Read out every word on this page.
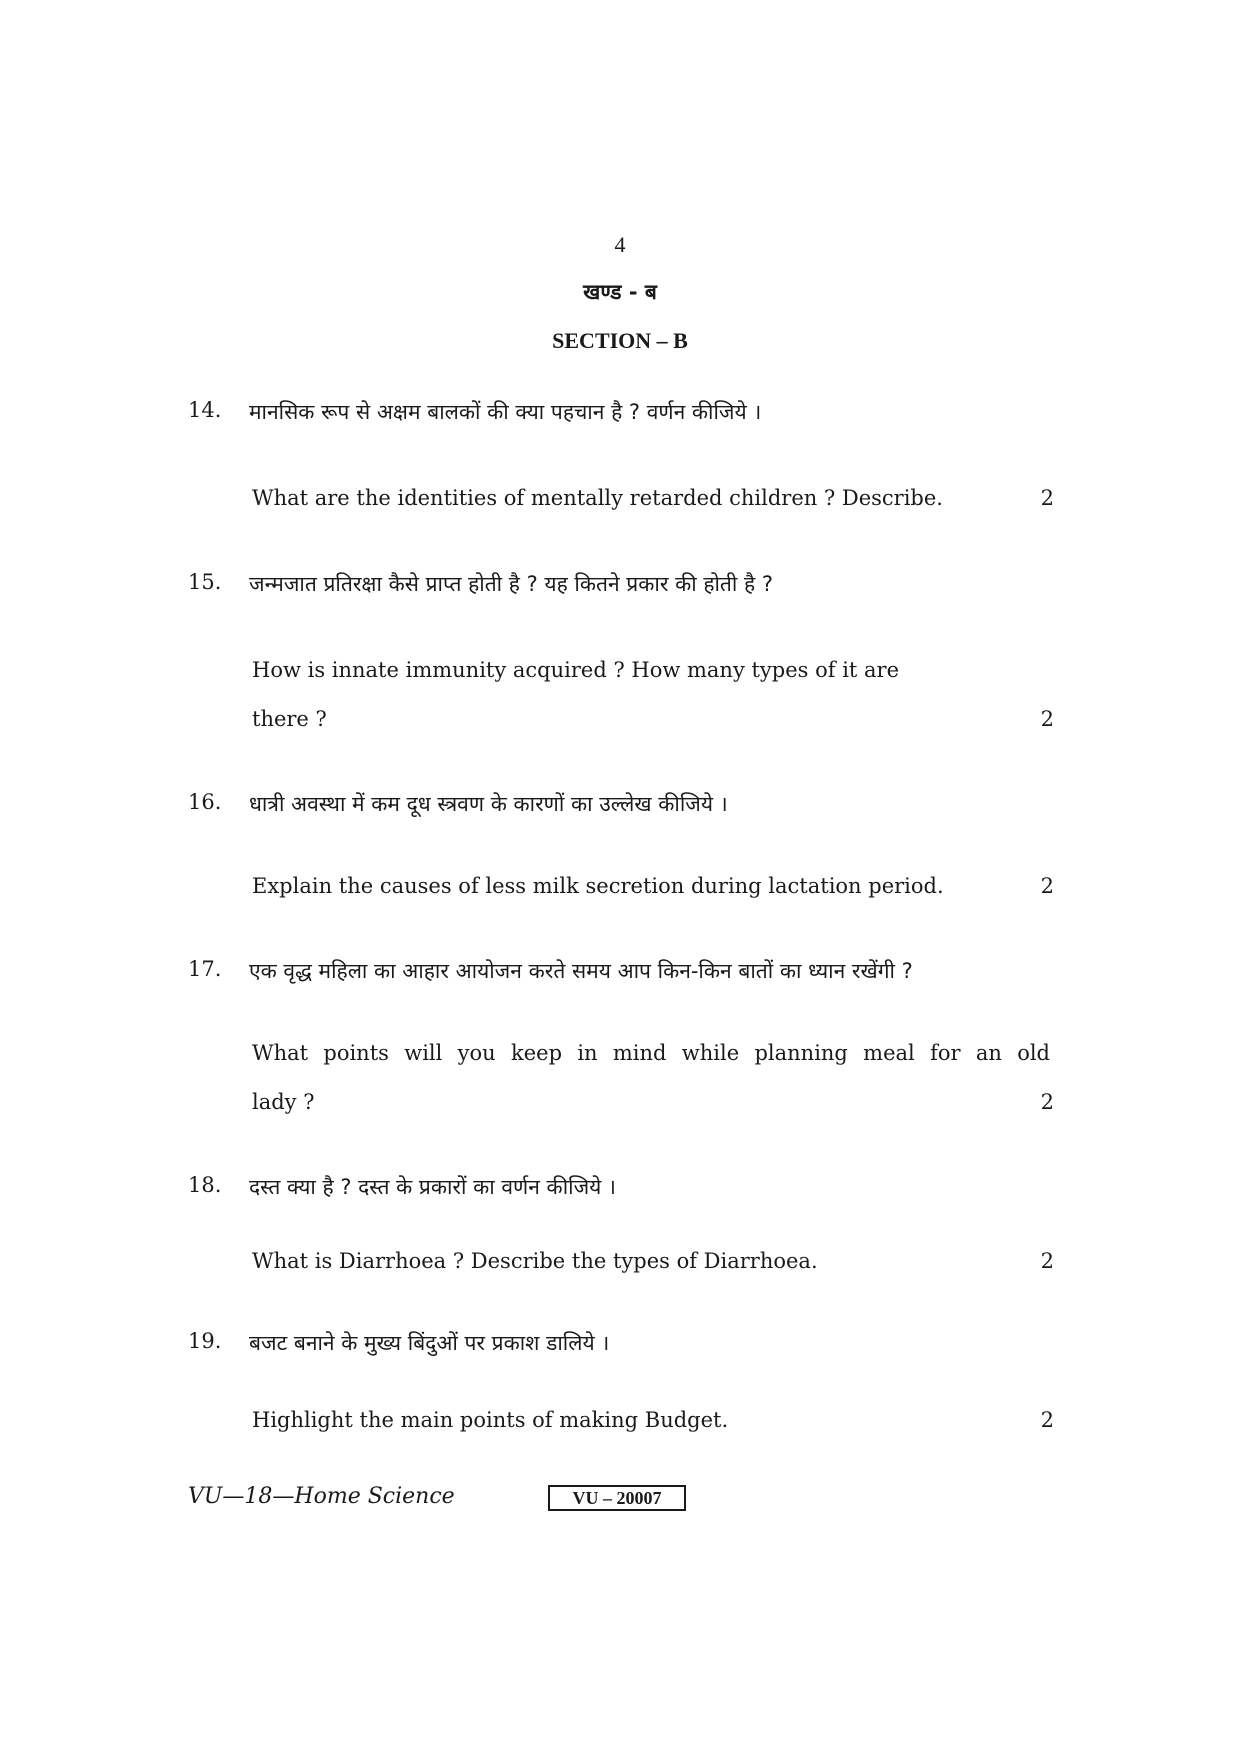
4
खण्ड - ब
SECTION – B
14. मानसिक रूप से अक्षम बालकों की क्या पहचान है ? वर्णन कीजिये ।
What are the identities of mentally retarded children ? Describe.	2
15. जन्मजात प्रतिरक्षा कैसे प्राप्त होती है ? यह कितने प्रकार की होती है ?
How is innate immunity acquired ? How many types of it are
there ?	2
16. धात्री अवस्था में कम दूध स्त्रवण के कारणों का उल्लेख कीजिये ।
Explain the causes of less milk secretion during lactation period.	2
17. एक वृद्ध महिला का आहार आयोजन करते समय आप किन-किन बातों का ध्यान रखेंगी ?
What points will you keep in mind while planning meal for an old
lady ?	2
18. दस्त क्या है ? दस्त के प्रकारों का वर्णन कीजिये ।
What is Diarrhoea ? Describe the types of Diarrhoea.	2
19. बजट बनाने के मुख्य बिंदुओं पर प्रकाश डालिये ।
Highlight the main points of making Budget.	2
VU—18—Home Science	VU – 20007
